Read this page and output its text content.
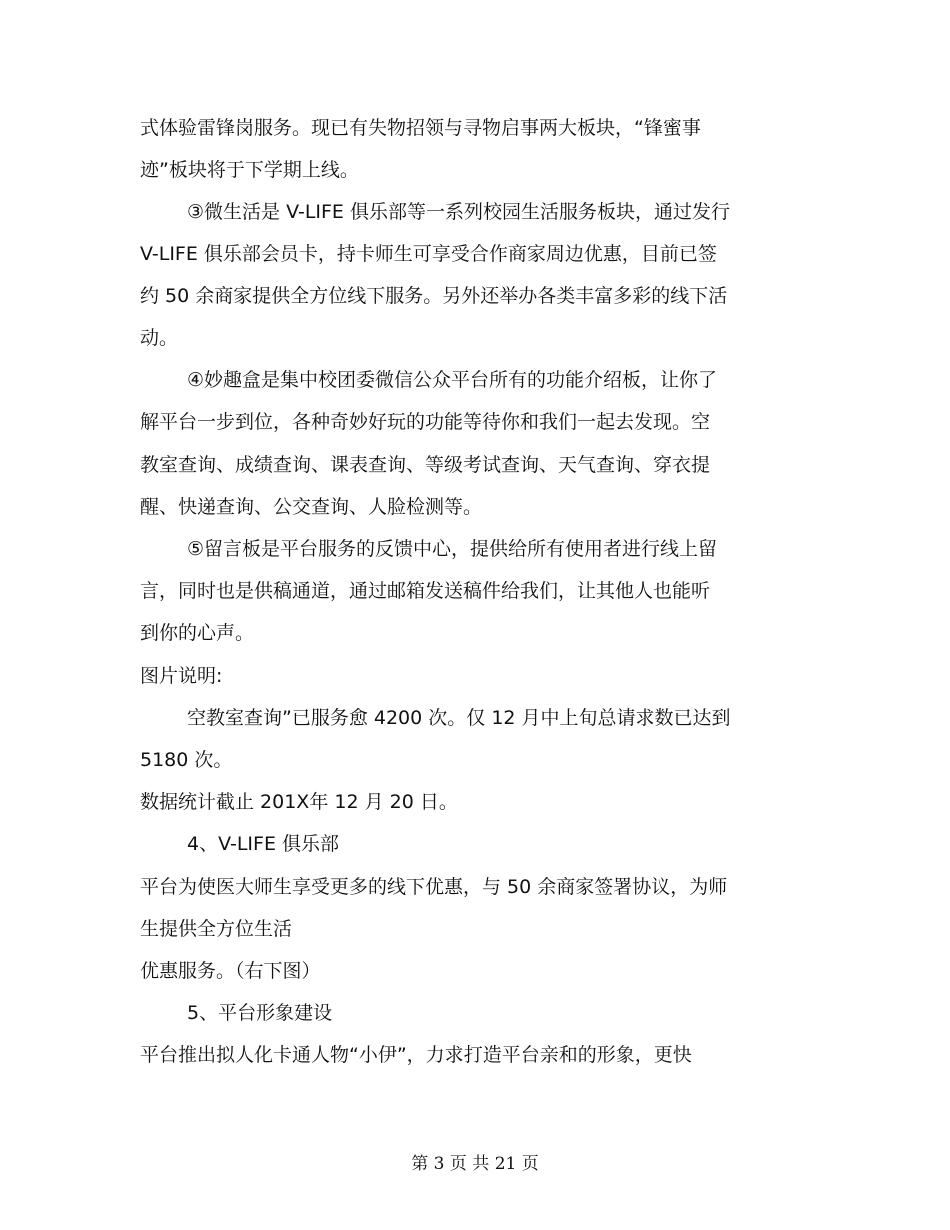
式体验雷锋岗服务。现已有失物招领与寻物启事两大板块，“锋蜜事
迹”板块将于下学期上线。
③微生活是 V-LIFE 俱乐部等一系列校园生活服务板块，通过发行
V-LIFE 俱乐部会员卡，持卡师生可享受合作商家周边优惠，目前已签
约 50 余商家提供全方位线下服务。另外还举办各类丰富多彩的线下活
动。
④妙趣盒是集中校团委微信公众平台所有的功能介绍板，让你了
解平台一步到位，各种奇妙好玩的功能等待你和我们一起去发现。空
教室查询、成绩查询、课表查询、等级考试查询、天气查询、穿衣提
醒、快递查询、公交查询、人脸检测等。
⑤留言板是平台服务的反馈中心，提供给所有使用者进行线上留
言，同时也是供稿通道，通过邮箱发送稿件给我们，让其他人也能听
到你的心声。
图片说明:
空教室查询”已服务愈 4200 次。仅 12 月中上旬总请求数已达到
5180 次。
数据统计截止 201X年 12 月 20 日。
4、V-LIFE 俱乐部
平台为使医大师生享受更多的线下优惠，与 50 余商家签署协议，为师
生提供全方位生活
优惠服务。（右下图）
5、平台形象建设
平台推出拟人化卡通人物“小伊”，力求打造平台亲和的形象，更快
第 3 页 共 21 页
